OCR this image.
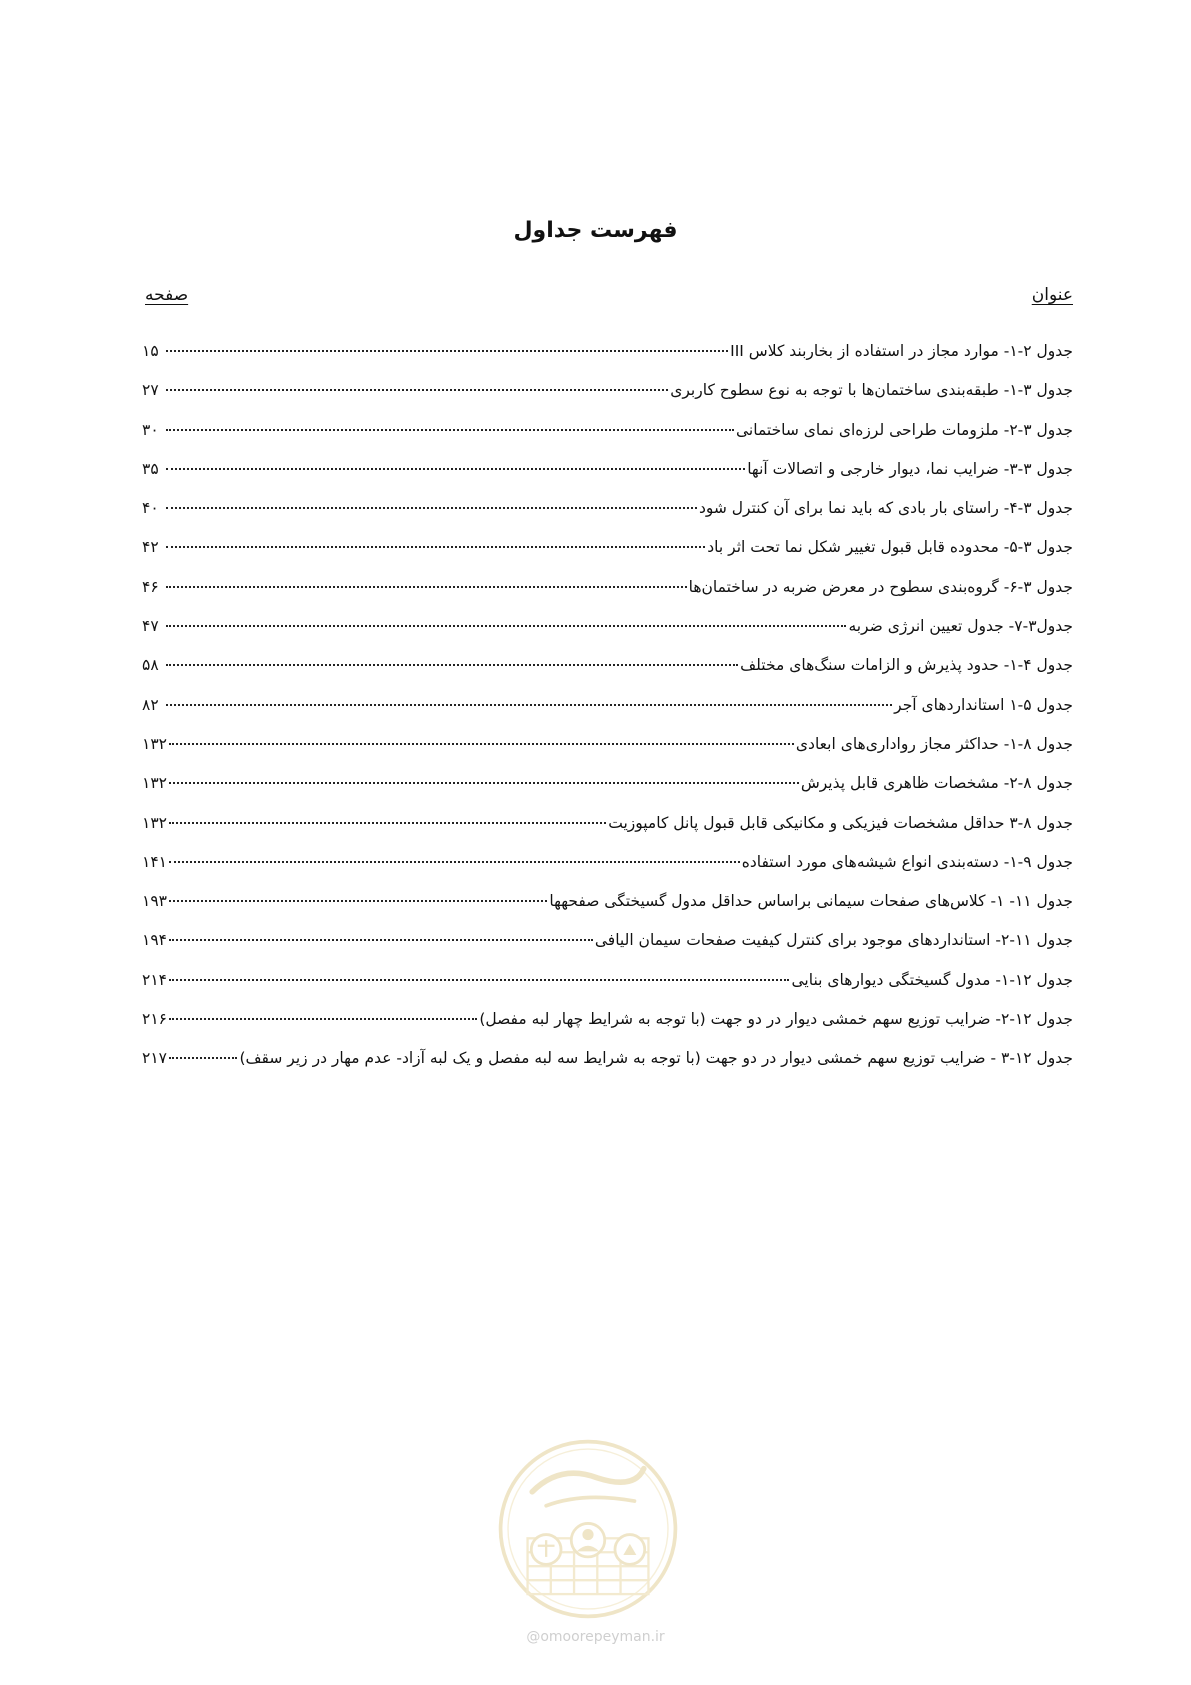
فهرست جداول
عنوان
صفحه
جدول ۲-۱- موارد مجاز در استفاده از بخاربند کلاس III
۱۵
جدول ۳-۱- طبقه‌بندی ساختمان‌ها با توجه به نوع سطوح کاربری
۲۷
جدول ۳-۲- ملزومات طراحی لرزه‌ای نمای ساختمانی
۳۰
جدول ۳-۳- ضرایب نما، دیوار خارجی و اتصالات آنها
۳۵
جدول ۳-۴- راستای بار بادی که باید نما برای آن کنترل شود
۴۰
جدول ۳-۵- محدوده قابل قبول تغییر شکل نما تحت اثر باد
۴۲
جدول ۳-۶- گروه‌بندی سطوح در معرض ضربه در ساختمان‌ها
۴۶
جدول۳-۷- جدول تعیین انرژی ضربه
۴۷
جدول ۴-۱- حدود پذیرش و الزامات سنگ‌های مختلف
۵۸
جدول ۵-۱ استانداردهای آجر
۸۲
جدول ۸-۱- حداکثر مجاز رواداری‌های ابعادی
۱۳۲
جدول ۸-۲- مشخصات ظاهری قابل پذیرش
۱۳۲
جدول ۸-۳ حداقل مشخصات فیزیکی و مکانیکی قابل قبول پانل کامپوزیت
۱۳۲
جدول ۹-۱- دسته‌بندی انواع شیشه‌های مورد استفاده
۱۴۱
جدول ۱۱- ۱- کلاس‌های صفحات سیمانی براساس حداقل مدول گسیختگی صفحهها
۱۹۳
جدول ۱۱-۲- استانداردهای موجود برای کنترل کیفیت صفحات سیمان الیافی
۱۹۴
جدول ۱۲-۱- مدول گسیختگی دیوارهای بنایی
۲۱۴
جدول ۱۲-۲- ضرایب توزیع سهم خمشی دیوار در دو جهت (با توجه به شرایط چهار لبه مفصل)
۲۱۶
جدول ۱۲-۳ - ضرایب توزیع سهم خمشی دیوار در دو جهت (با توجه به شرایط سه لبه مفصل و یک لبه آزاد- عدم مهار در زیر سقف)
۲۱۷
@omoorepeyman.ir
